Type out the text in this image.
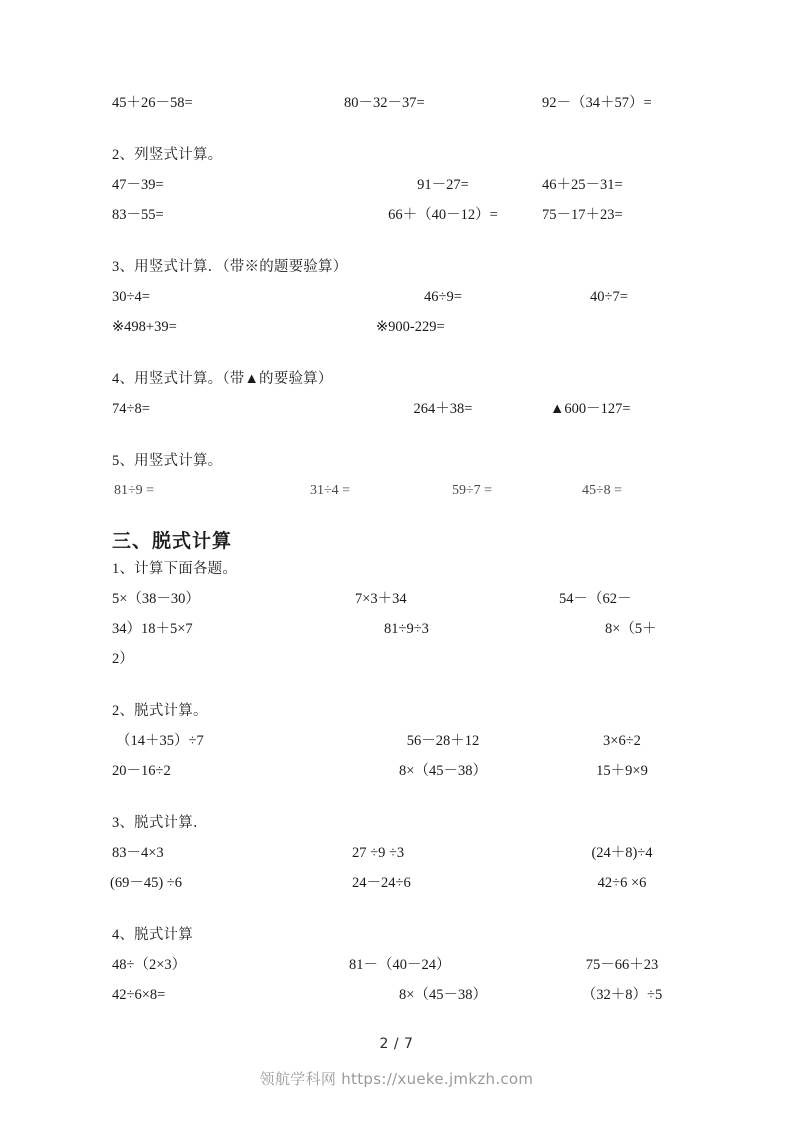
45＋26－58=	80－32－37=	92－（34＋57）=
2、列竖式计算。
47－39=	91－27=	46＋25－31=
83－55=	66＋（40－12）=	75－17＋23=
3、用竖式计算．（带※的题要验算）
30÷4=	46÷9=	40÷7=
※498+39=	※900-229=
4、用竖式计算。（带▲的要验算）
74÷8=	264＋38=	▲600－127=
5、用竖式计算。
81÷9 =	31÷4 =	59÷7 =	45÷8 =
三、脱式计算
1、计算下面各题。
5×（38－30）	7×3＋34	54－（62－
34）18＋5×7	81÷9÷3	8×（5＋
2）
2、脱式计算。
（14＋35）÷7	56－28＋12	3×6÷2
20－16÷2	8×（45－38）	15＋9×9
3、脱式计算．
83－4×3	27 ÷9 ÷3	(24＋8)÷4
(69－45) ÷6	24－24÷6	42÷6 ×6
4、脱式计算
48÷（2×3）	81－（40－24）	75－66＋23
42÷6×8=	8×（45－38）	（32＋8）÷5
2 / 7
领航学科网 https://xueke.jmkzh.com
